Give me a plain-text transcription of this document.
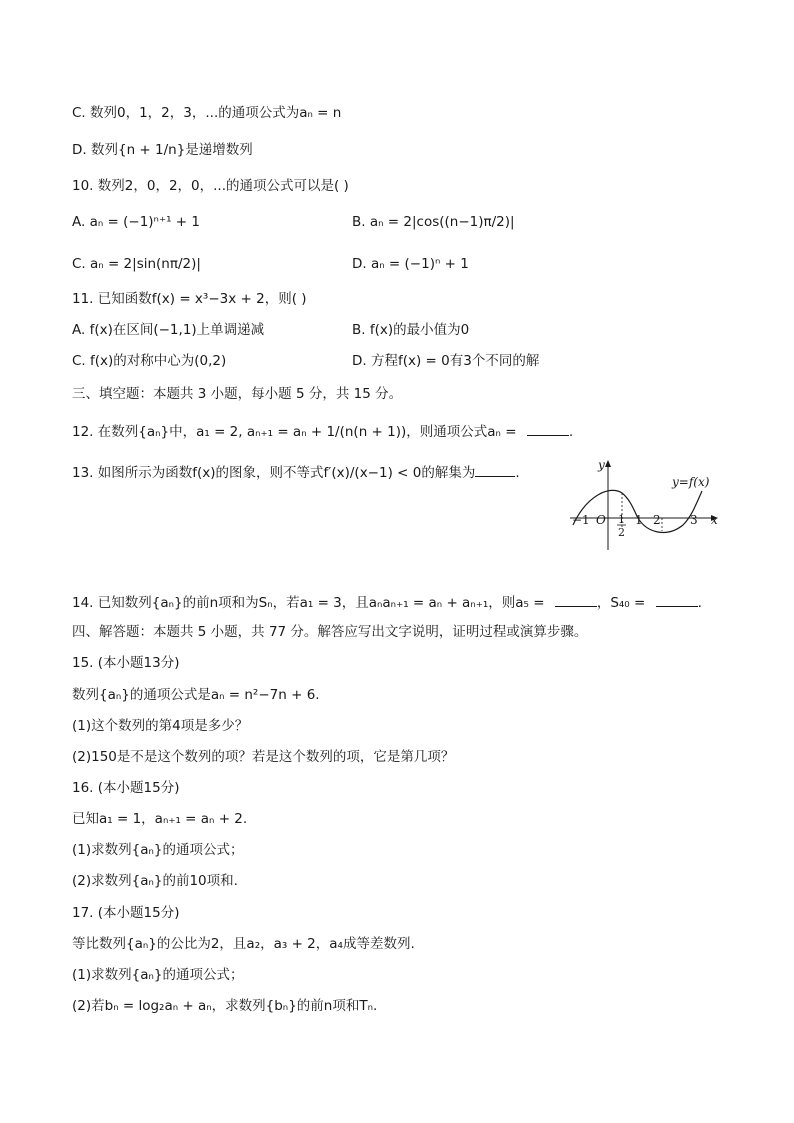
C. 数列0，1，2，3，...的通项公式为aₙ = n
D. 数列{n + 1/n}是递增数列
10. 数列2，0，2，0，...的通项公式可以是( )
A. aₙ = (−1)ⁿ⁺¹ + 1	B. aₙ = 2|cos((n−1)π/2)|
C. aₙ = 2|sin(nπ/2)|	D. aₙ = (−1)ⁿ + 1
11. 已知函数f(x) = x³−3x + 2，则( )
A. f(x)在区间(−1,1)上单调递减	B. f(x)的最小值为0
C. f(x)的对称中心为(0,2)	D. 方程f(x) = 0有3个不同的解
三、填空题：本题共 3 小题，每小题 5 分，共 15 分。
12. 在数列{aₙ}中，a₁ = 2, aₙ₊₁ = aₙ + 1/(n(n + 1))，则通项公式aₙ =	.
13. 如图所示为函数f(x)的图象，则不等式f′(x)/(x−1) < 0的解集为	.	y
x
y=f(x)
O
−1	1
2
1 2 3
14. 已知数列{aₙ}的前n项和为Sₙ，若a₁ = 3，且aₙaₙ₊₁ = aₙ + aₙ₊₁，则a₅ =	，S₄₀ =	.
四、解答题：本题共 5 小题，共 77 分。解答应写出文字说明，证明过程或演算步骤。
15. (本小题13分)
数列{aₙ}的通项公式是aₙ = n²−7n + 6.
(1)这个数列的第4项是多少？
(2)150是不是这个数列的项？若是这个数列的项，它是第几项？
16. (本小题15分)
已知a₁ = 1，aₙ₊₁ = aₙ + 2.
(1)求数列{aₙ}的通项公式；
(2)求数列{aₙ}的前10项和.
17. (本小题15分)
等比数列{aₙ}的公比为2，且a₂，a₃ + 2，a₄成等差数列.
(1)求数列{aₙ}的通项公式；
(2)若bₙ = log₂aₙ + aₙ，求数列{bₙ}的前n项和Tₙ.
